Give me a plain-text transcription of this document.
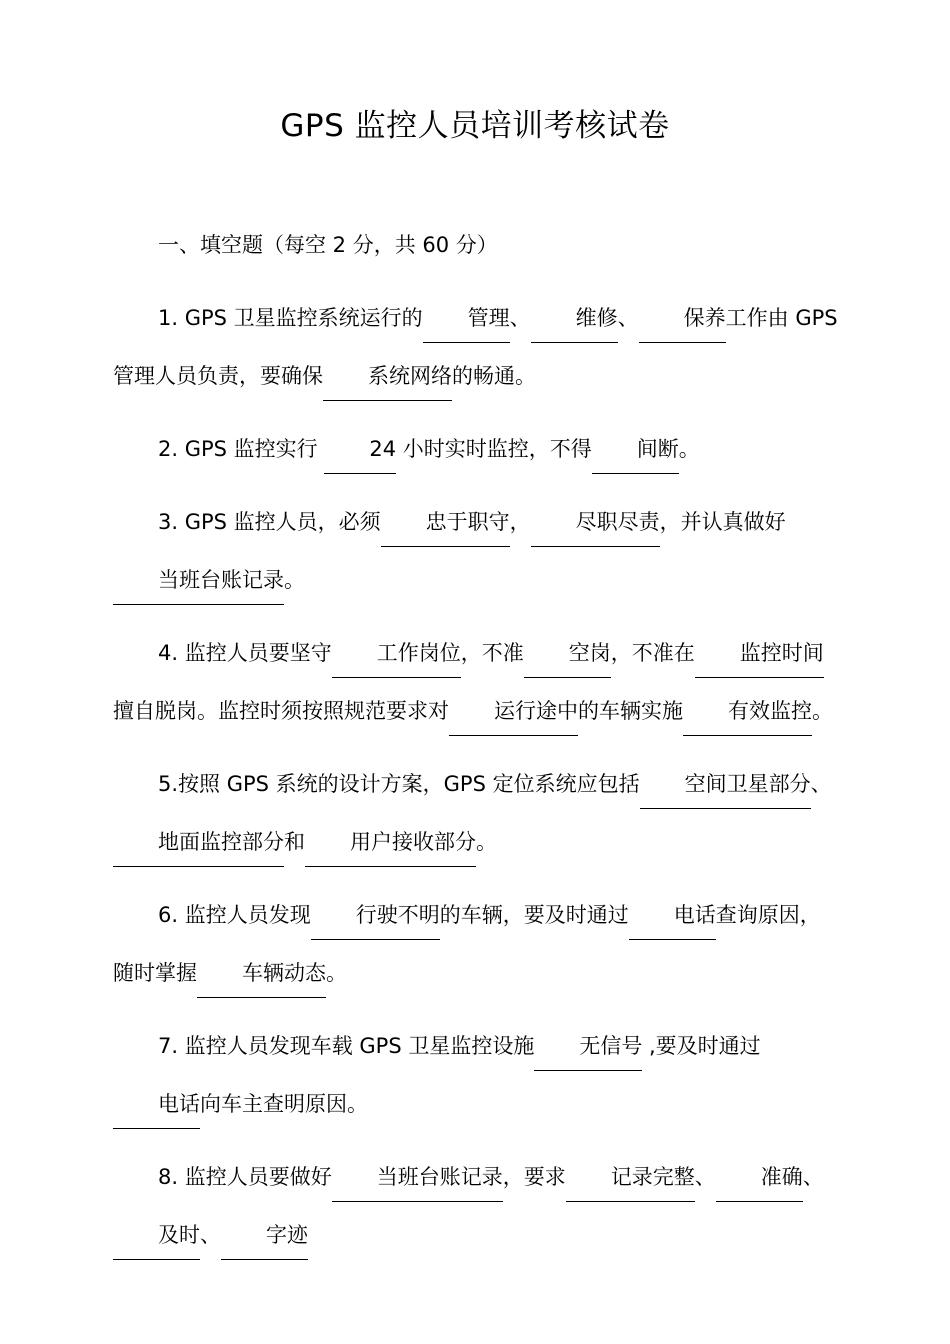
GPS 监控人员培训考核试卷

一、填空题（每空 2 分，共 60 分）

1. GPS 卫星监控系统运行的 管理、 维修、 保养工作由 GPS 管理人员负责，要确保 系统网络的畅通。

2. GPS 监控实行 24 小时实时监控，不得 间断。

3. GPS 监控人员，必须 忠于职守， 尽职尽责，并认真做好当班台账记录。

4. 监控人员要坚守 工作岗位，不准 空岗，不准在 监控时间擅自脱岗。监控时须按照规范要求对 运行途中的车辆实施 有效监控。

5.按照 GPS 系统的设计方案，GPS 定位系统应包括 空间卫星部分、地面监控部分和 用户接收部分。

6. 监控人员发现 行驶不明的车辆，要及时通过 电话查询原因，随时掌握 车辆动态。

7. 监控人员发现车载 GPS 卫星监控设施 无信号 ,要及时通过电话向车主查明原因。

8. 监控人员要做好 当班台账记录，要求 记录完整、 准确、及时、 字迹
